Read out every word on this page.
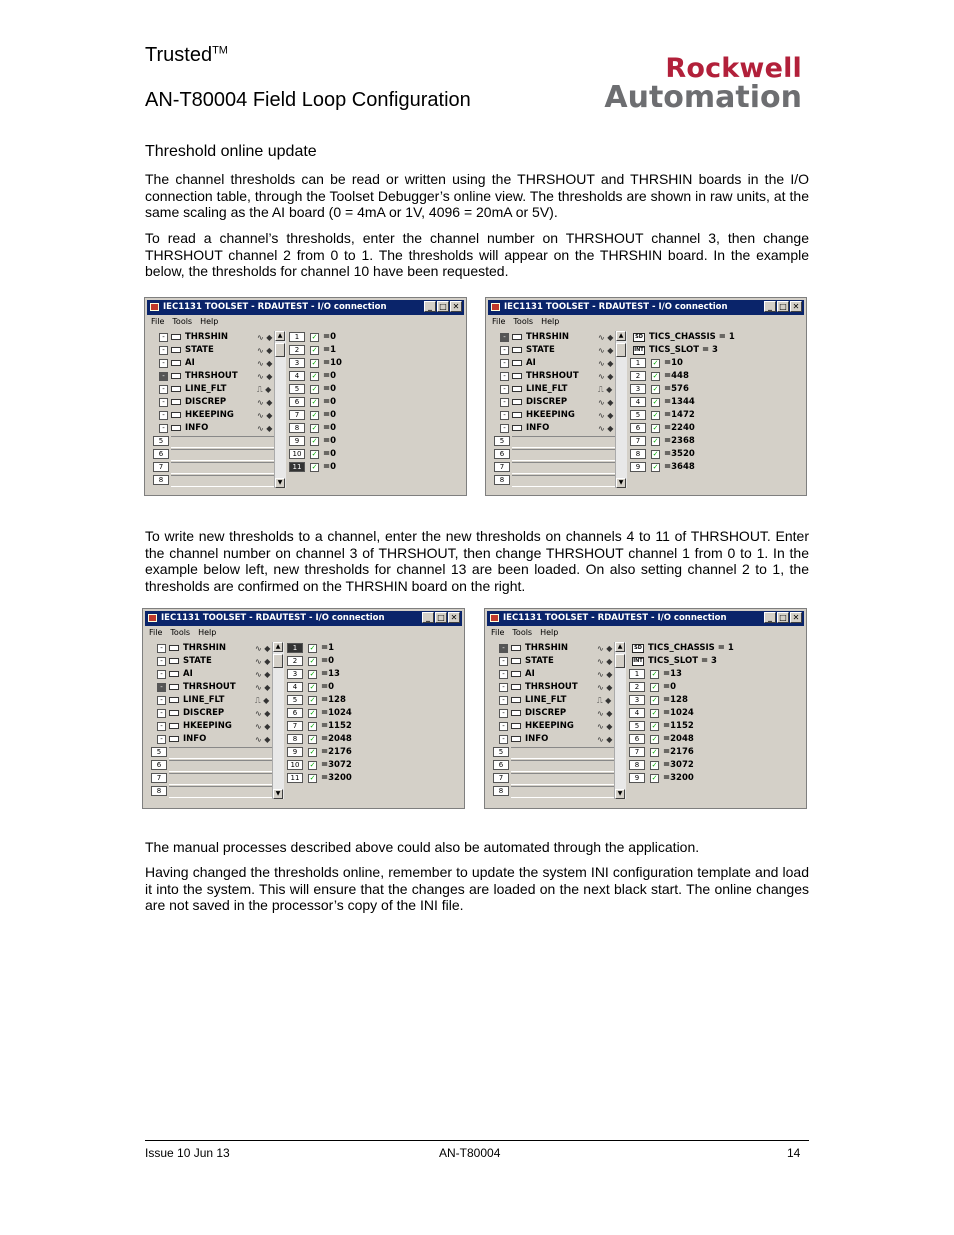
Trusted™
AN-T80004 Field Loop Configuration
Rockwell
Automation
Threshold online update
The channel thresholds can be read or written using the THRSHOUT and THRSHIN boards in the I/O connection table, through the Toolset Debugger’s online view. The thresholds are shown in raw units, at the same scaling as the AI board (0 = 4mA or 1V, 4096 = 20mA or 5V).
To read a channel’s thresholds, enter the channel number on THRSHOUT channel 3, then change THRSHOUT channel 2 from 0 to 1. The thresholds will appear on the THRSHIN board. In the example below, the thresholds for channel 10 have been requested.
IEC1131 TOOLSET - RDAUTEST - I/O connection	_ □ ✕
File Tools Help
-	THRSHIN	∿ ◆
-	STATE	∿ ◆
-	AI	∿ ◆
-	THRSHOUT ∿ ◆
-	LINE_FLT	⎍ ◆
-	DISCREP	∿ ◆
-	HKEEPING	∿ ◆
-	INFO	∿ ◆
5
6
7
8
▲
▼
1	✓ =0
2	✓ =1
3	✓ =10
4	✓ =0
5	✓ =0
6	✓ =0
7	✓ =0
8	✓ =0
9	✓ =0
10	✓ =0
11	✓ =0
IEC1131 TOOLSET - RDAUTEST - I/O connection	_ □ ✕
File Tools Help
-	THRSHIN	∿ ◆
-	STATE	∿ ◆
-	AI	∿ ◆
-	THRSHOUT ∿ ◆
-	LINE_FLT	⎍ ◆
-	DISCREP	∿ ◆
-	HKEEPING	∿ ◆
-	INFO	∿ ◆
5
6
7
8
▲
▼
SD TICS_CHASSIS = 1
INT TICS_SLOT = 3
1	✓ =10
2	✓ =448
3	✓ =576
4	✓ =1344
5	✓ =1472
6	✓ =2240
7	✓ =2368
8	✓ =3520
9	✓ =3648
To write new thresholds to a channel, enter the new thresholds on channels 4 to 11 of THRSHOUT. Enter the channel number on channel 3 of THRSHOUT, then change THRSHOUT channel 1 from 0 to 1. In the example below left, new thresholds for channel 13 are been loaded. On also setting channel 2 to 1, the thresholds are confirmed on the THRSHIN board on the right.
IEC1131 TOOLSET - RDAUTEST - I/O connection	_ □ ✕
File Tools Help
-	THRSHIN	∿ ◆
-	STATE	∿ ◆
-	AI	∿ ◆
-	THRSHOUT ∿ ◆
-	LINE_FLT	⎍ ◆
-	DISCREP	∿ ◆
-	HKEEPING	∿ ◆
-	INFO	∿ ◆
5
6
7
8
▲
▼
1	✓ =1
2	✓ =0
3	✓ =13
4	✓ =0
5	✓ =128
6	✓ =1024
7	✓ =1152
8	✓ =2048
9	✓ =2176
10	✓ =3072
11	✓ =3200
IEC1131 TOOLSET - RDAUTEST - I/O connection	_ □ ✕
File Tools Help
-	THRSHIN	∿ ◆
-	STATE	∿ ◆
-	AI	∿ ◆
-	THRSHOUT ∿ ◆
-	LINE_FLT	⎍ ◆
-	DISCREP	∿ ◆
-	HKEEPING	∿ ◆
-	INFO	∿ ◆
5
6
7
8
▲
▼
SD TICS_CHASSIS = 1
INT TICS_SLOT = 3
1	✓ =13
2	✓ =0
3	✓ =128
4	✓ =1024
5	✓ =1152
6	✓ =2048
7	✓ =2176
8	✓ =3072
9	✓ =3200
The manual processes described above could also be automated through the application.
Having changed the thresholds online, remember to update the system INI configuration template and load it into the system. This will ensure that the changes are loaded on the next black start. The online changes are not saved in the processor’s copy of the INI file.
Issue 10 Jun 13	AN-T80004	14
